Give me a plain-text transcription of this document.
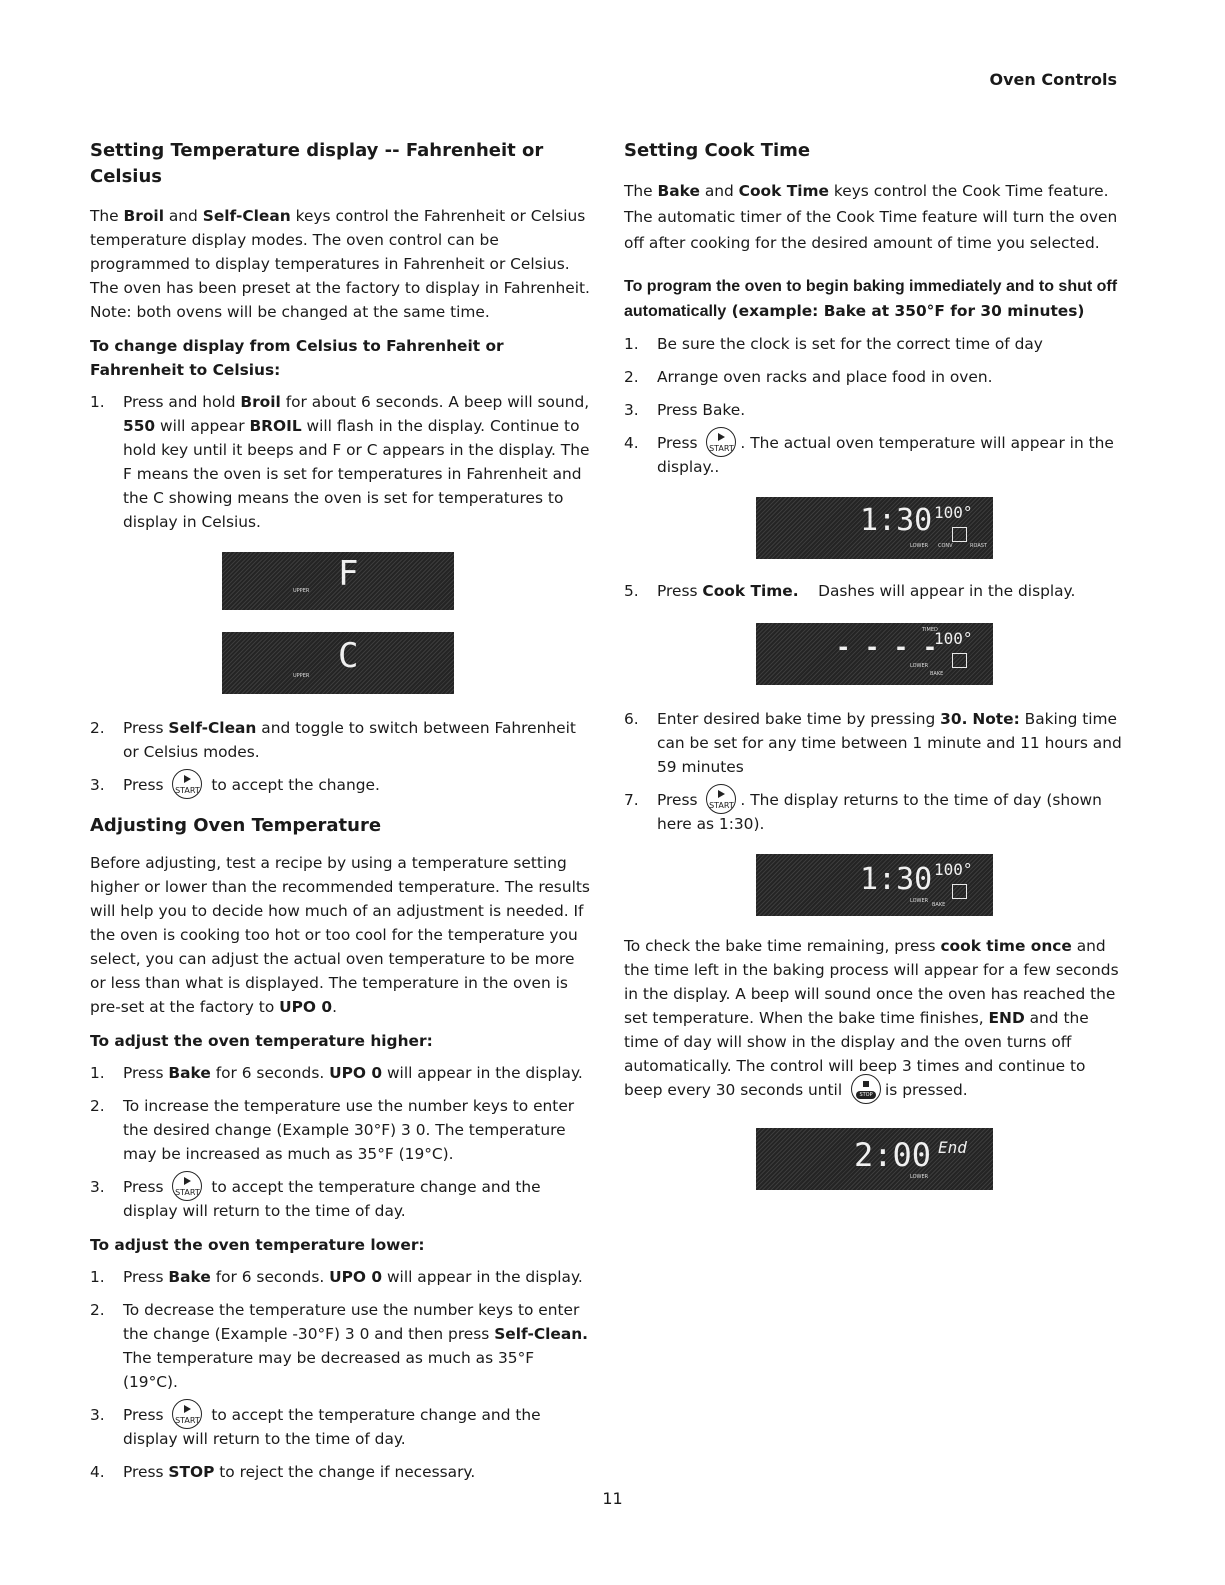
Oven Controls
Setting Temperature display -- Fahrenheit or Celsius

The Broil and Self-Clean keys control the Fahrenheit or Celsius temperature display modes. The oven control can be programmed to display temperatures in Fahrenheit or Celsius. The oven has been preset at the factory to display in Fahrenheit. Note: both ovens will be changed at the same time.

To change display from Celsius to Fahrenheit or Fahrenheit to Celsius:
1. Press and hold Broil for about 6 seconds. A beep will sound, 550 will appear BROIL will flash in the display. Continue to hold key until it beeps and F or C appears in the display. The F means the oven is set for temperatures in Fahrenheit and the C showing means the oven is set for temperatures to display in Celsius.
F
UPPER
C
UPPER
2. Press Self-Clean and toggle to switch between Fahrenheit or Celsius modes.
3. Press START to accept the change.
Adjusting Oven Temperature

Before adjusting, test a recipe by using a temperature setting higher or lower than the recommended temperature. The results will help you to decide how much of an adjustment is needed. If the oven is cooking too hot or too cool for the temperature you select, you can adjust the actual oven temperature to be more or less than what is displayed. The temperature in the oven is pre-set at the factory to UPO 0.

To adjust the oven temperature higher:
1. Press Bake for 6 seconds. UPO 0 will appear in the display.
2. To increase the temperature use the number keys to enter the desired change (Example 30°F) 3 0. The temperature may be increased as much as 35°F (19°C).
3. Press START to accept the temperature change and the display will return to the time of day.
To adjust the oven temperature lower:
1. Press Bake for 6 seconds. UPO 0 will appear in the display.
2. To decrease the temperature use the number keys to enter the change (Example -30°F) 3 0 and then press Self-Clean. The temperature may be decreased as much as 35°F (19°C).
3. Press START to accept the temperature change and the display will return to the time of day.
4. Press STOP to reject the change if necessary.
Setting Cook Time

The Bake and Cook Time keys control the Cook Time feature. The automatic timer of the Cook Time feature will turn the oven off after cooking for the desired amount of time you selected.

To program the oven to begin baking immediately and to shut off automatically (example: Bake at 350°F for 30 minutes)
1. Be sure the clock is set for the correct time of day
2. Arrange oven racks and place food in oven.
3. Press Bake.
4. Press START . The actual oven temperature will appear in the display..
1:30 100°
LOWER CONV	ROAST
5. Press Cook Time.    Dashes will appear in the display.
- - - -
100°
LOWER
BAKE
TIMED
6. Enter desired bake time by pressing 30. Note: Baking time can be set for any time between 1 minute and 11 hours and 59 minutes
7. Press START . The display returns to the time of day (shown here as 1:30).
1:30 100°
LOWER
BAKE

To check the bake time remaining, press cook time once and the time left in the baking process will appear for a few seconds in the display. A beep will sound once the oven has reached the set temperature. When the bake time finishes, END and the time of day will show in the display and the oven turns off automatically. The control will beep 3 times and continue to beep every 30 seconds until	STOP is pressed.

2:00 End
LOWER
11
